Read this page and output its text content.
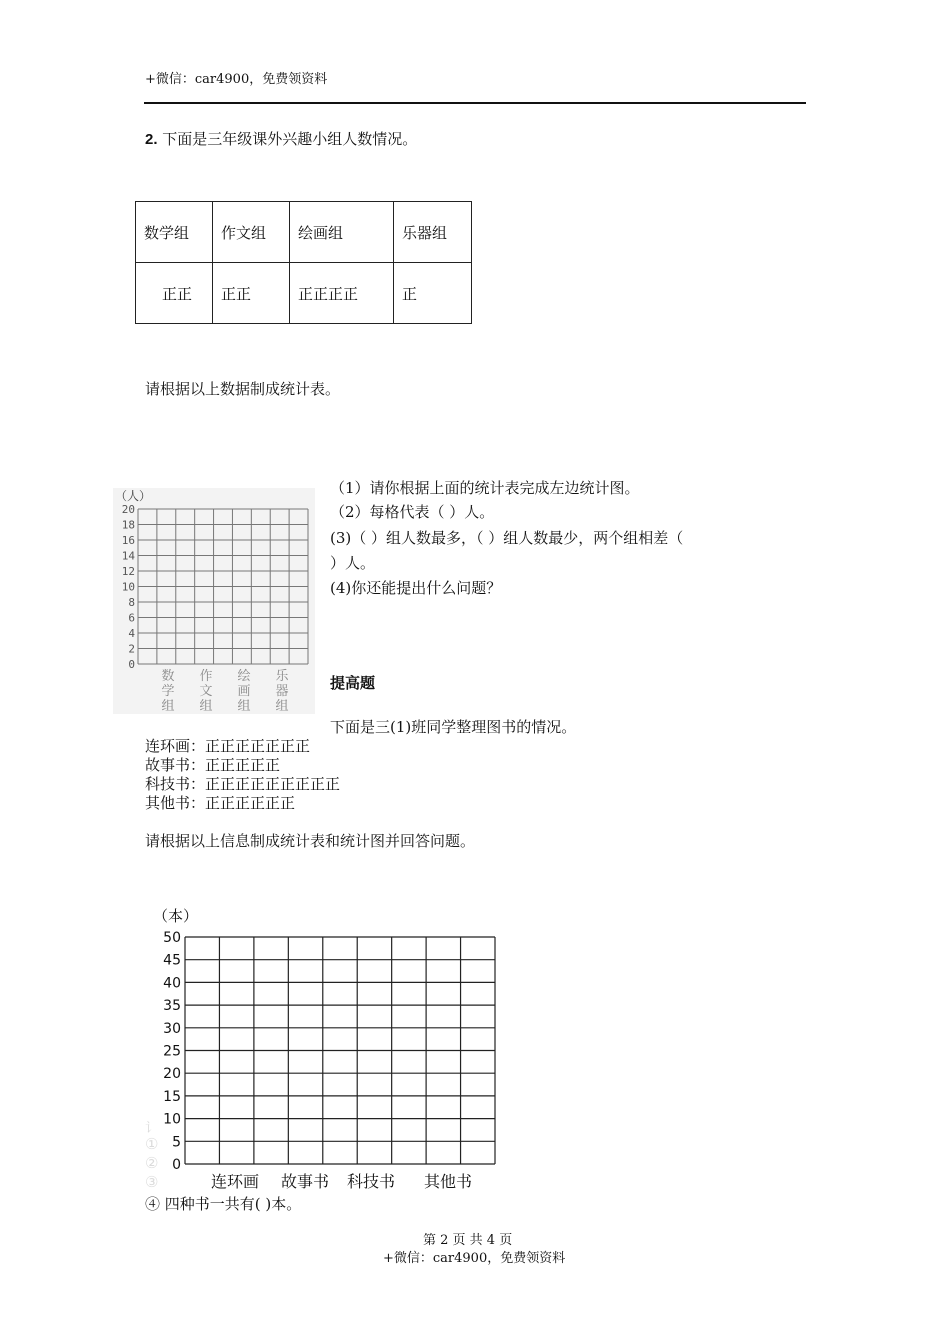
+微信：car4900，免费领资料
2. 下面是三年级课外兴趣小组人数情况。
数学组	作文组	绘画组	乐器组
正正	正正	正正正正	正
请根据以上数据制成统计表。
（人）
20
18
16
14
12
10
8
6
4
2
0
数
学
组
作
文
组
绘
画
组
乐
器
组
（1）请你根据上面的统计表完成左边统计图。
（2）每格代表（ ）人。
(3)（ ）组人数最多，（ ）组人数最少，两个组相差（
）人。
(4)你还能提出什么问题？
提高题
下面是三(1)班同学整理图书的情况。
连环画：正正正正正正正
故事书：正正正正正
科技书：正正正正正正正正正
其他书：正正正正正正
请根据以上信息制成统计表和统计图并回答问题。
（本）
50
45
40
35
30
25
20
15
10
5
0
连环画 故事书 科技书 其他书
④ 四种书一共有( )本。
第 2 页 共 4 页
+微信：car4900，免费领资料
